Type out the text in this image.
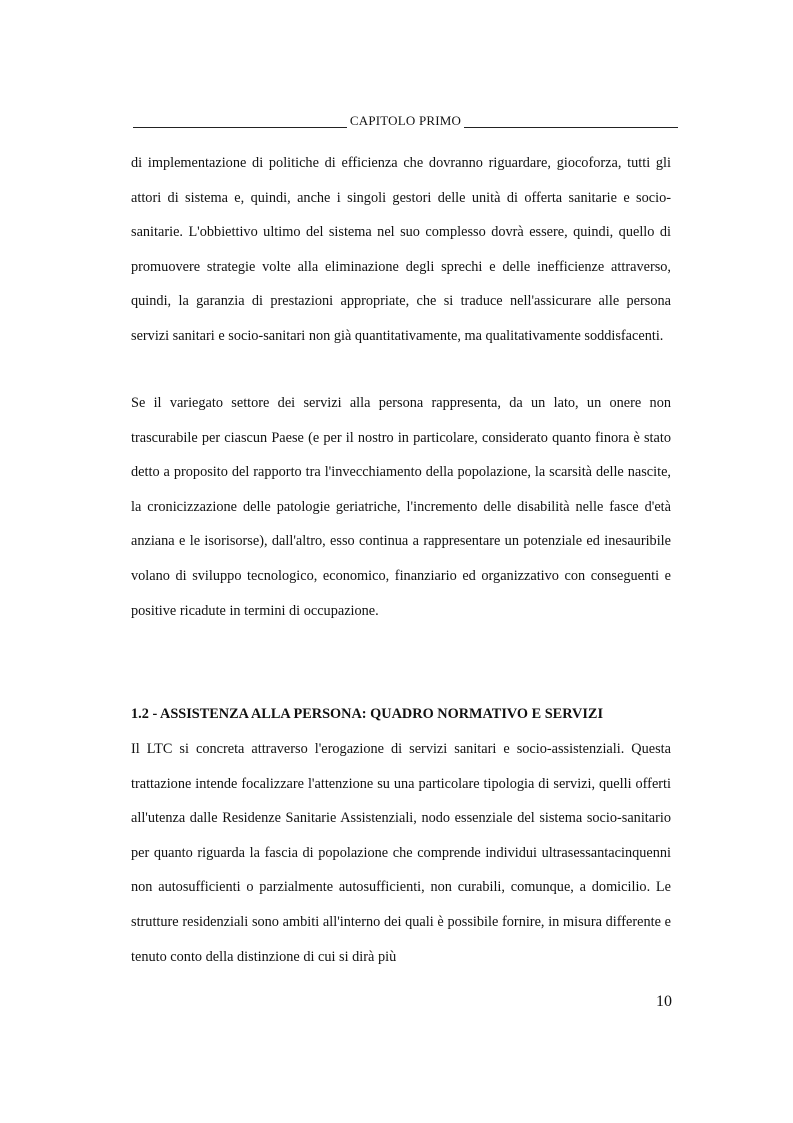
CAPITOLO PRIMO

di implementazione di politiche di efficienza che dovranno riguardare, giocoforza, tutti gli attori di sistema e, quindi, anche i singoli gestori delle unità di offerta sanitarie e socio-sanitarie. L'obbiettivo ultimo del sistema nel suo complesso dovrà essere, quindi, quello di promuovere strategie volte alla eliminazione degli sprechi e delle inefficienze attraverso, quindi, la garanzia di prestazioni appropriate, che si traduce nell'assicurare alle persona servizi sanitari e socio-sanitari non già quantitativamente, ma qualitativamente soddisfacenti.

Se il variegato settore dei servizi alla persona rappresenta, da un lato, un onere non trascurabile per ciascun Paese (e per il nostro in particolare, considerato quanto finora è stato detto a proposito del rapporto tra l'invecchiamento della popolazione, la scarsità delle nascite, la cronicizzazione delle patologie geriatriche, l'incremento delle disabilità nelle fasce d'età anziana e le isorisorse), dall'altro, esso continua a rappresentare un potenziale ed inesauribile volano di sviluppo tecnologico, economico, finanziario ed organizzativo con conseguenti e positive ricadute in termini di occupazione.

1.2 - ASSISTENZA ALLA PERSONA: QUADRO NORMATIVO E SERVIZI

Il LTC si concreta attraverso l'erogazione di servizi sanitari e socio-assistenziali. Questa trattazione intende focalizzare l'attenzione su una particolare tipologia di servizi, quelli offerti all'utenza dalle Residenze Sanitarie Assistenziali, nodo essenziale del sistema socio-sanitario per quanto riguarda la fascia di popolazione che comprende individui ultrasessantacinquenni non autosufficienti o parzialmente autosufficienti, non curabili, comunque, a domicilio. Le strutture residenziali sono ambiti all'interno dei quali è possibile fornire, in misura differente e tenuto conto della distinzione di cui si dirà più

10
